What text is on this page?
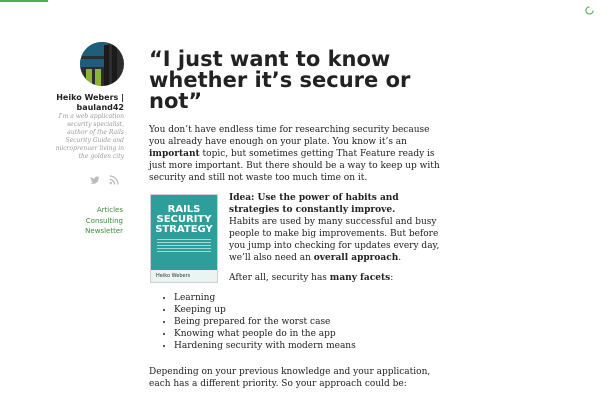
Heiko Webers | bauland42
I'm a web application security specialist, author of the Rails Security Guide and microprenuer living in the golden city
Articles
Consulting
Newsletter
“I just want to know whether it’s secure or not”

You don’t have endless time for researching security because you already have enough on your plate. You know it’s an important topic, but sometimes getting That Feature ready is just more important. But there should be a way to keep up with security and still not waste too much time on it.

RAILS SECURITY STRATEGY
Heiko Webers

Idea: Use the power of habits and strategies to constantly improve.
Habits are used by many successful and busy people to make big improvements. But before you jump into checking for updates every day, we’ll also need an overall approach.

After all, security has many facets:

• Learning
• Keeping up
• Being prepared for the worst case
• Knowing what people do in the app
• Hardening security with modern means

Depending on your previous knowledge and your application, each has a different priority. So your approach could be:
